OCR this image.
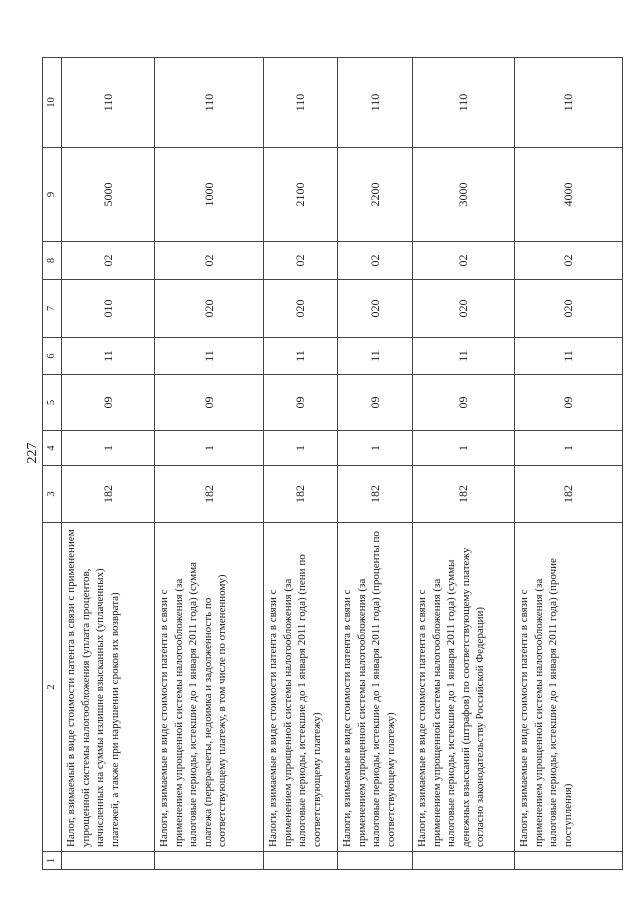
227
1	2	3	4	5	6	7	8	9	10
	Налог, взимаемый в виде стоимости патента в связи с применением упрощенной системы налогообложения (уплата процентов, начисленных на суммы излишне взысканных (уплаченных) платежей, а также при нарушении сроков их возврата)	182	1	09	11	010	02	5000	110
	Налоги, взимаемые в виде стоимости патента в связи с применением упрощенной системы налогообложения (за налоговые периоды, истекшие до 1 января 2011 года) (сумма платежа (перерасчеты, недоимка и задолженность по соответствующему платежу, в том числе по отмененному)	182	1	09	11	020	02	1000	110
	Налоги, взимаемые в виде стоимости патента в связи с применением упрощенной системы налогообложения (за налоговые периоды, истекшие до 1 января 2011 года) (пени по соответствующему платежу)	182	1	09	11	020	02	2100	110
	Налоги, взимаемые в виде стоимости патента в связи с применением упрощенной системы налогообложения (за налоговые периоды, истекшие до 1 января 2011 года) (проценты по соответствующему платежу)	182	1	09	11	020	02	2200	110
	Налоги, взимаемые в виде стоимости патента в связи с применением упрощенной системы налогообложения (за налоговые периоды, истекшие до 1 января 2011 года) (суммы денежных взысканий (штрафов) по соответствующему платежу согласно законодательству Российской Федерации)	182	1	09	11	020	02	3000	110
	Налоги, взимаемые в виде стоимости патента в связи с применением упрощенной системы налогообложения (за налоговые периоды, истекшие до 1 января 2011 года) (прочие поступления)	182	1	09	11	020	02	4000	110
